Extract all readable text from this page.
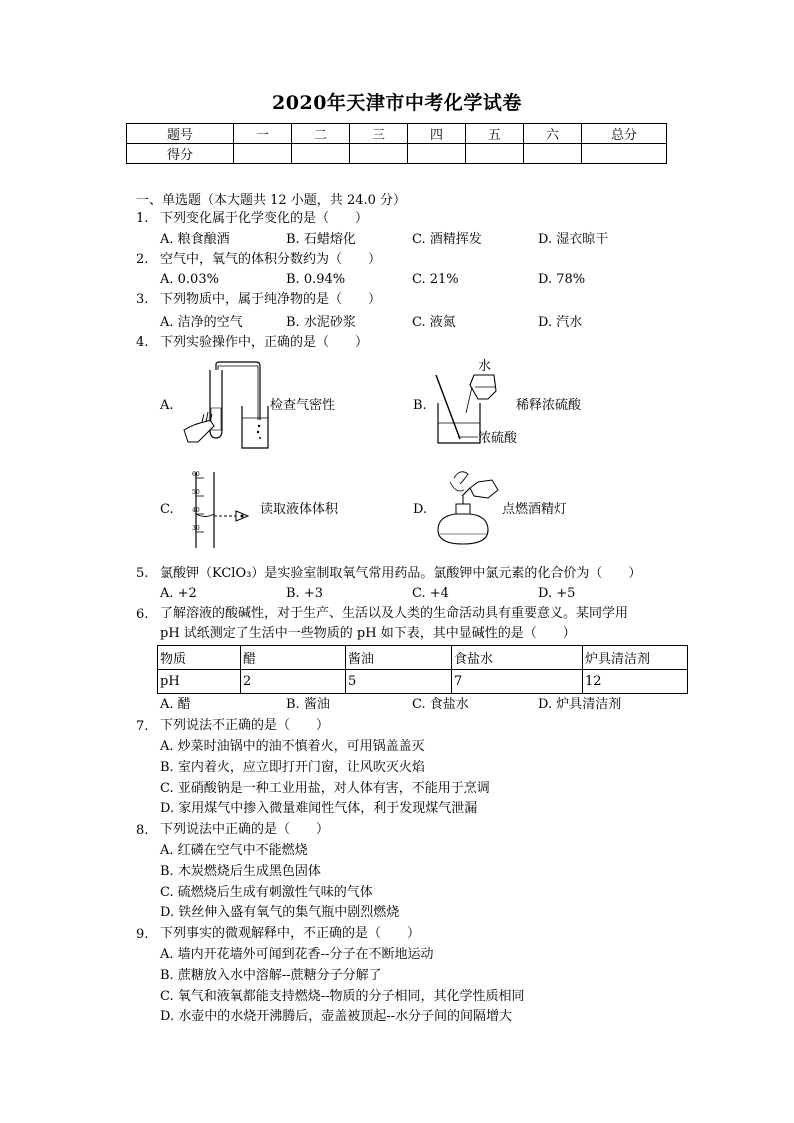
2020年天津市中考化学试卷
题号	一	二	三	四	五	六	总分
得分							
一、单选题（本大题共 12 小题，共 24.0 分）
1. 下列变化属于化学变化的是（　　）
A. 粮食酿酒	B. 石蜡熔化	C. 酒精挥发	D. 湿衣晾干
2. 空气中，氧气的体积分数约为（　　）
A. 0.03%	B. 0.94%	C. 21%	D. 78%
3. 下列物质中，属于纯净物的是（　　）
A. 洁净的空气	B. 水泥砂浆	C. 液氮	D. 汽水
4. 下列实验操作中，正确的是（　　）
A.	检查气密性	B.
水
浓硫酸
稀释浓硫酸
C.
60
50
40
30
读取液体体积	D.	点燃酒精灯
5. 氯酸钾（KClO₃）是实验室制取氧气常用药品。氯酸钾中氯元素的化合价为（　　）
A. +2	B. +3	C. +4	D. +5
6. 了解溶液的酸碱性，对于生产、生活以及人类的生命活动具有重要意义。某同学用
pH 试纸测定了生活中一些物质的 pH 如下表，其中显碱性的是（　　）
物质	醋	酱油	食盐水	炉具清洁剂
pH	2	5	7	12
A. 醋	B. 酱油	C. 食盐水	D. 炉具清洁剂
7. 下列说法不正确的是（　　）
A. 炒菜时油锅中的油不慎着火，可用锅盖盖灭
B. 室内着火，应立即打开门窗，让风吹灭火焰
C. 亚硝酸钠是一种工业用盐，对人体有害，不能用于烹调
D. 家用煤气中掺入微量难闻性气体，利于发现煤气泄漏
8. 下列说法中正确的是（　　）
A. 红磷在空气中不能燃烧
B. 木炭燃烧后生成黑色固体
C. 硫燃烧后生成有刺激性气味的气体
D. 铁丝伸入盛有氧气的集气瓶中剧烈燃烧
9. 下列事实的微观解释中，不正确的是（　　）
A. 墙内开花墙外可闻到花香--分子在不断地运动
B. 蔗糖放入水中溶解--蔗糖分子分解了
C. 氧气和液氧都能支持燃烧--物质的分子相同，其化学性质相同
D. 水壶中的水烧开沸腾后，壶盖被顶起--水分子间的间隔增大
